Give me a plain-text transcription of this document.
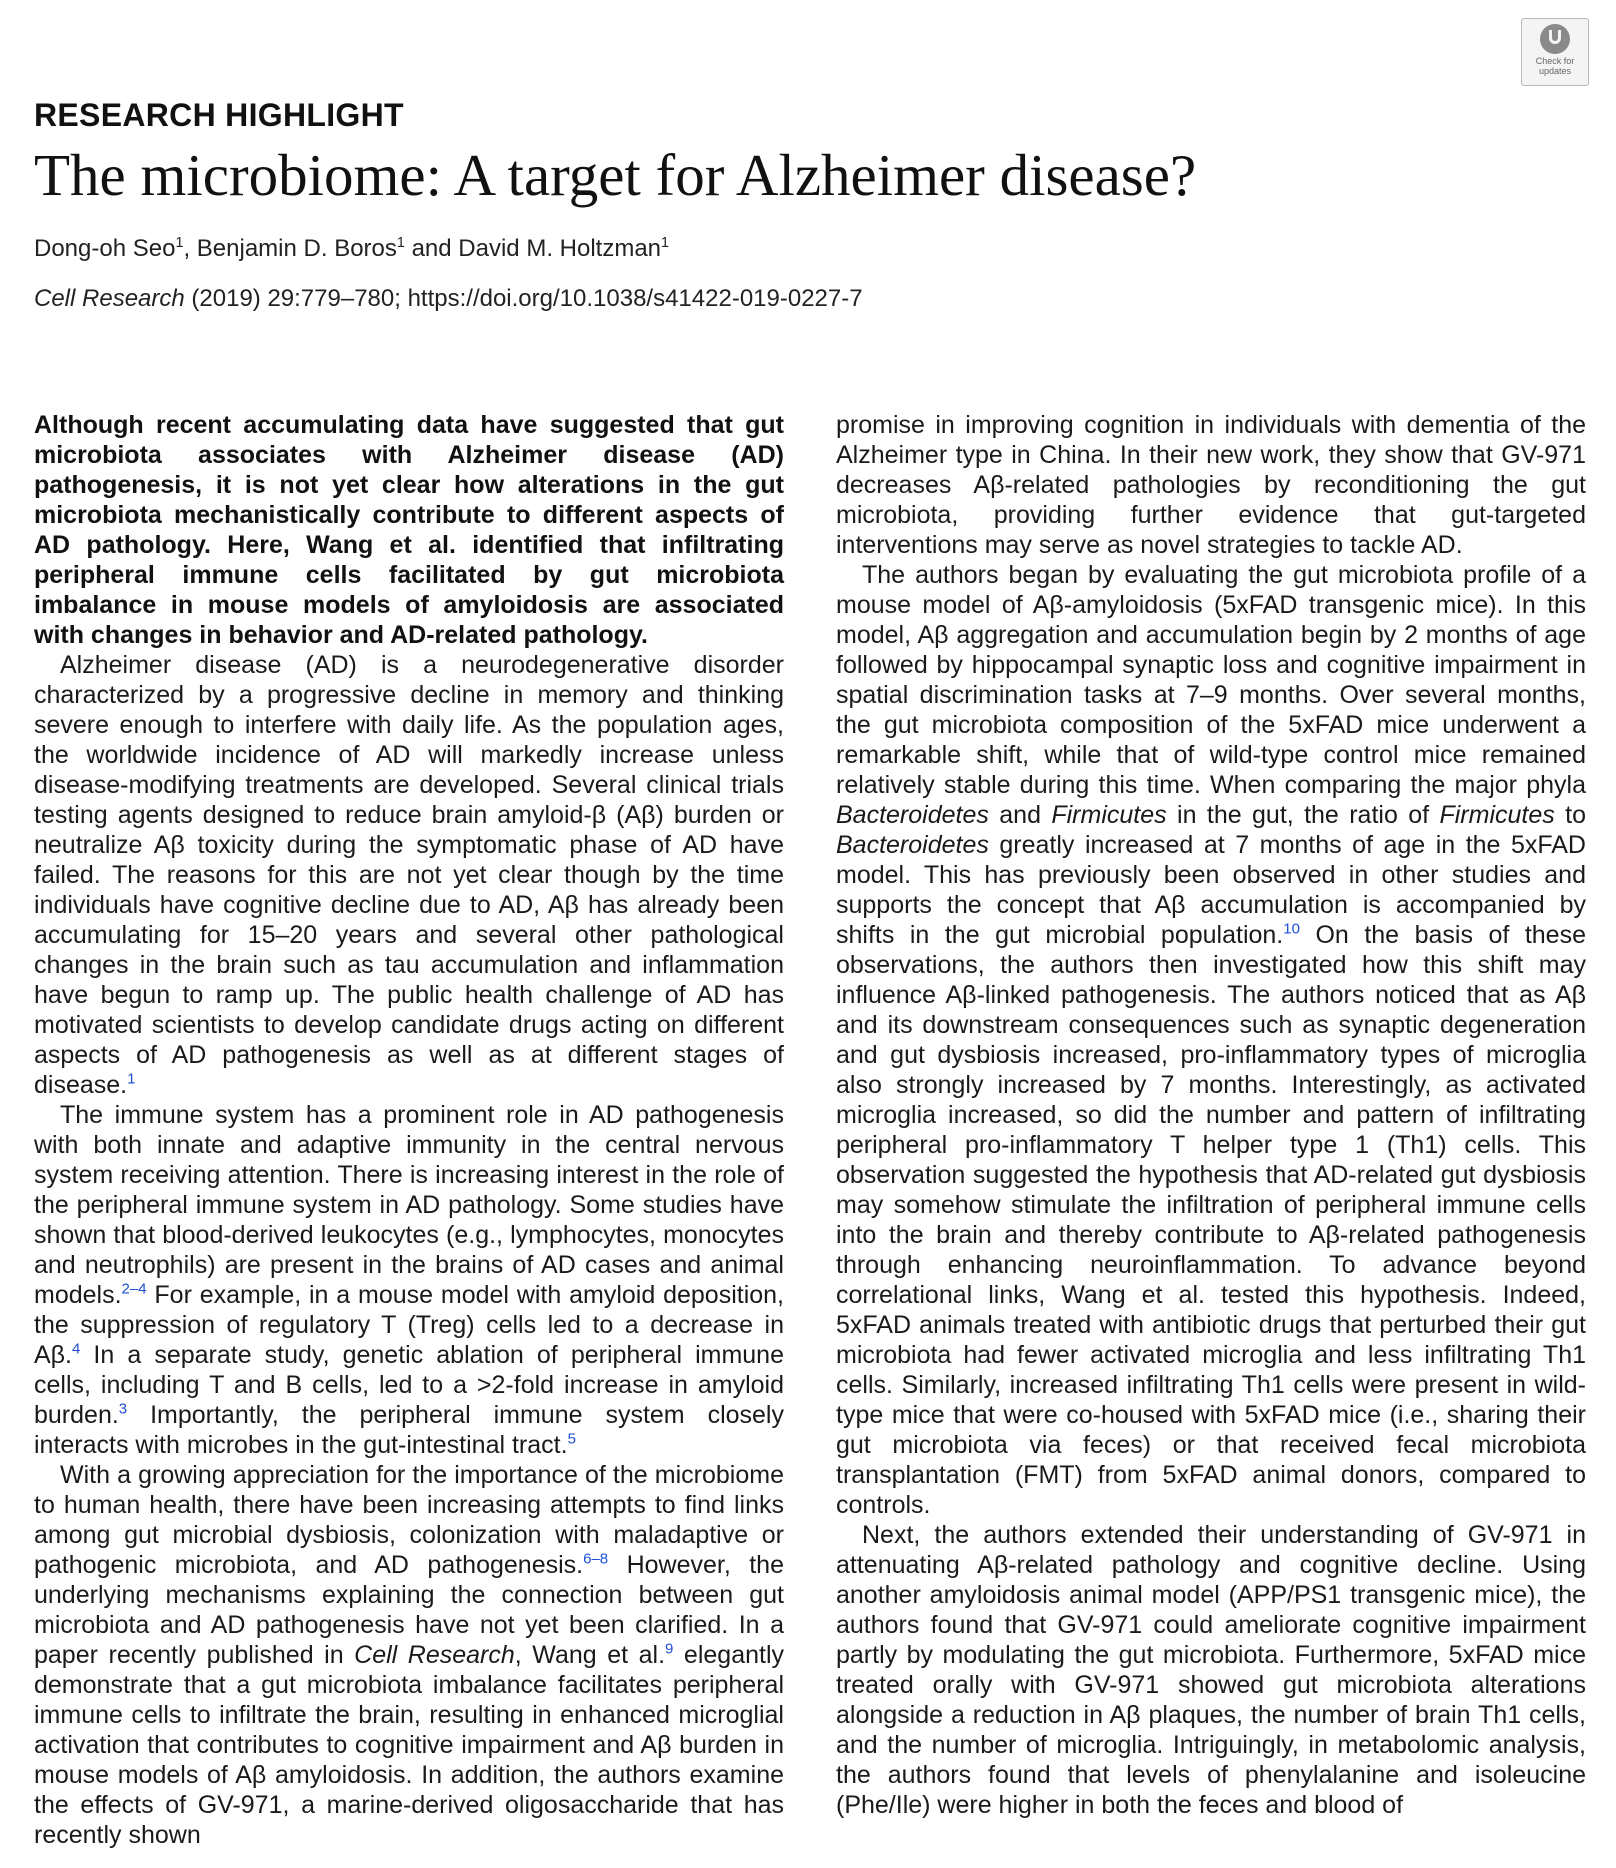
Check for
updates
RESEARCH HIGHLIGHT
The microbiome: A target for Alzheimer disease?
Dong-oh Seo$^1$, Benjamin D. Boros$^1$ and David M. Holtzman$^1$
Cell Research (2019) 29:779–780; https://doi.org/10.1038/s41422-019-0227-7

Although recent accumulating data have suggested that gut microbiota associates with Alzheimer disease (AD) pathogenesis, it is not yet clear how alterations in the gut microbiota mechanistically contribute to different aspects of AD pathology. Here, Wang et al. identified that infiltrating peripheral immune cells facilitated by gut microbiota imbalance in mouse models of amyloidosis are associated with changes in behavior and AD-related pathology.

Alzheimer disease (AD) is a neurodegenerative disorder characterized by a progressive decline in memory and thinking severe enough to interfere with daily life. As the population ages, the worldwide incidence of AD will markedly increase unless disease-modifying treatments are developed. Several clinical trials testing agents designed to reduce brain amyloid-β (Aβ) burden or neutralize Aβ toxicity during the symptomatic phase of AD have failed. The reasons for this are not yet clear though by the time individuals have cognitive decline due to AD, Aβ has already been accumulating for 15–20 years and several other pathological changes in the brain such as tau accumulation and inflammation have begun to ramp up. The public health challenge of AD has motivated scientists to develop candidate drugs acting on different aspects of AD pathogenesis as well as at different stages of disease.$^1$

The immune system has a prominent role in AD pathogenesis with both innate and adaptive immunity in the central nervous system receiving attention. There is increasing interest in the role of the peripheral immune system in AD pathology. Some studies have shown that blood-derived leukocytes (e.g., lymphocytes, monocytes and neutrophils) are present in the brains of AD cases and animal models.$^{2-4}$ For example, in a mouse model with amyloid deposition, the suppression of regulatory T (Treg) cells led to a decrease in Aβ.$^4$ In a separate study, genetic ablation of peripheral immune cells, including T and B cells, led to a >2-fold increase in amyloid burden.$^3$ Importantly, the peripheral immune system closely interacts with microbes in the gut-intestinal tract.$^5$

With a growing appreciation for the importance of the microbiome to human health, there have been increasing attempts to find links among gut microbial dysbiosis, colonization with maladaptive or pathogenic microbiota, and AD pathogenesis.$^{6-8}$ However, the underlying mechanisms explaining the connection between gut microbiota and AD pathogenesis have not yet been clarified. In a paper recently published in Cell Research, Wang et al.$^9$ elegantly demonstrate that a gut microbiota imbalance facilitates peripheral immune cells to infiltrate the brain, resulting in enhanced microglial activation that contributes to cognitive impairment and Aβ burden in mouse models of Aβ amyloidosis. In addition, the authors examine the effects of GV-971, a marine-derived oligosaccharide that has recently shown

promise in improving cognition in individuals with dementia of the Alzheimer type in China. In their new work, they show that GV-971 decreases Aβ-related pathologies by reconditioning the gut microbiota, providing further evidence that gut-targeted interventions may serve as novel strategies to tackle AD.

The authors began by evaluating the gut microbiota profile of a mouse model of Aβ-amyloidosis (5xFAD transgenic mice). In this model, Aβ aggregation and accumulation begin by 2 months of age followed by hippocampal synaptic loss and cognitive impairment in spatial discrimination tasks at 7–9 months. Over several months, the gut microbiota composition of the 5xFAD mice underwent a remarkable shift, while that of wild-type control mice remained relatively stable during this time. When comparing the major phyla Bacteroidetes and Firmicutes in the gut, the ratio of Firmicutes to Bacteroidetes greatly increased at 7 months of age in the 5xFAD model. This has previously been observed in other studies and supports the concept that Aβ accumulation is accompanied by shifts in the gut microbial population.$^{10}$ On the basis of these observations, the authors then investigated how this shift may influence Aβ-linked pathogenesis. The authors noticed that as Aβ and its downstream consequences such as synaptic degeneration and gut dysbiosis increased, pro-inflammatory types of microglia also strongly increased by 7 months. Interestingly, as activated microglia increased, so did the number and pattern of infiltrating peripheral pro-inflammatory T helper type 1 (Th1) cells. This observation suggested the hypothesis that AD-related gut dysbiosis may somehow stimulate the infiltration of peripheral immune cells into the brain and thereby contribute to Aβ-related pathogenesis through enhancing neuroinflammation. To advance beyond correlational links, Wang et al. tested this hypothesis. Indeed, 5xFAD animals treated with antibiotic drugs that perturbed their gut microbiota had fewer activated microglia and less infiltrating Th1 cells. Similarly, increased infiltrating Th1 cells were present in wild-type mice that were co-housed with 5xFAD mice (i.e., sharing their gut microbiota via feces) or that received fecal microbiota transplantation (FMT) from 5xFAD animal donors, compared to controls.

Next, the authors extended their understanding of GV-971 in attenuating Aβ-related pathology and cognitive decline. Using another amyloidosis animal model (APP/PS1 transgenic mice), the authors found that GV-971 could ameliorate cognitive impairment partly by modulating the gut microbiota. Furthermore, 5xFAD mice treated orally with GV-971 showed gut microbiota alterations alongside a reduction in Aβ plaques, the number of brain Th1 cells, and the number of microglia. Intriguingly, in metabolomic analysis, the authors found that levels of phenylalanine and isoleucine (Phe/Ile) were higher in both the feces and blood of
